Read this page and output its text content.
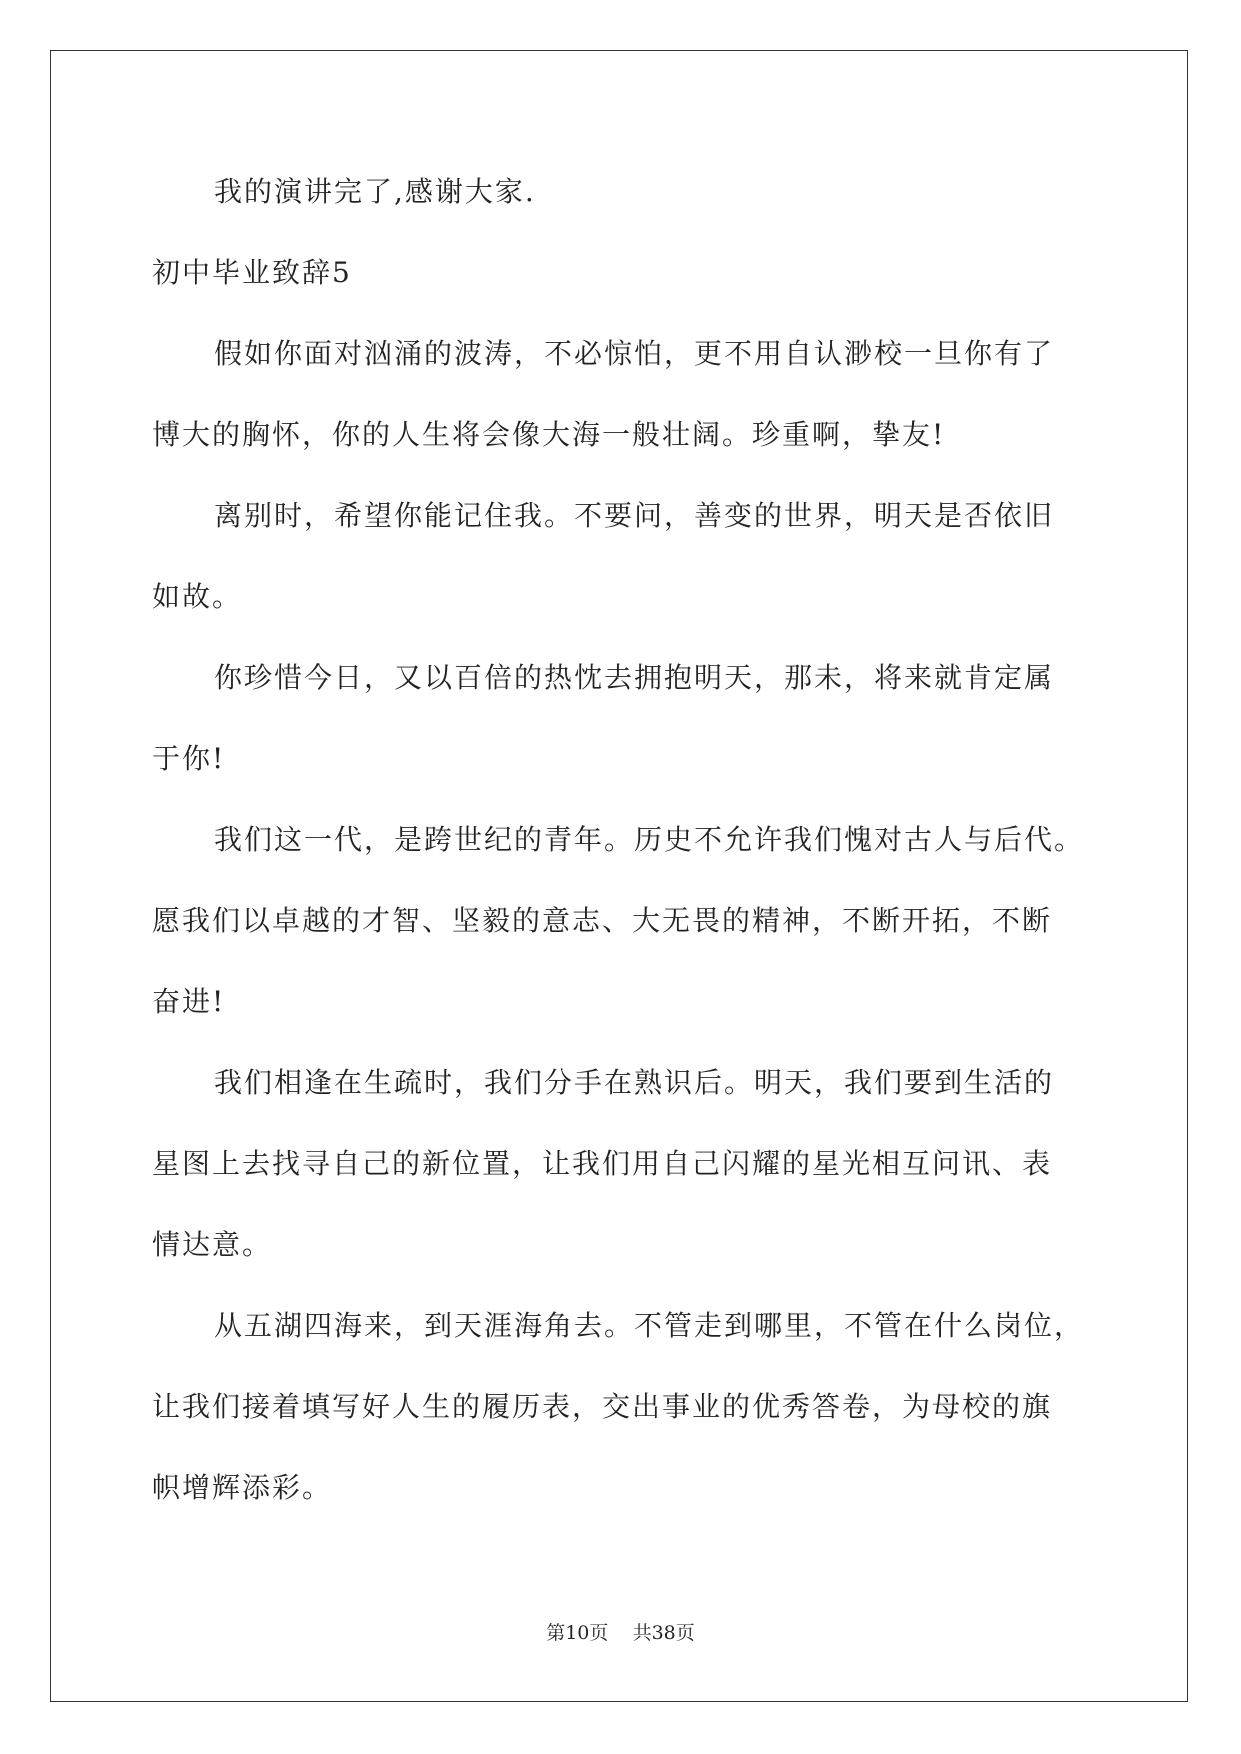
我的演讲完了,感谢大家.
初中毕业致辞5
假如你面对汹涌的波涛，不必惊怕，更不用自认渺校一旦你有了
博大的胸怀，你的人生将会像大海一般壮阔。珍重啊，挚友!
离别时，希望你能记住我。不要问，善变的世界，明天是否依旧
如故。
你珍惜今日，又以百倍的热忱去拥抱明天，那未，将来就肯定属
于你!
我们这一代，是跨世纪的青年。历史不允许我们愧对古人与后代。
愿我们以卓越的才智、坚毅的意志、大无畏的精神，不断开拓，不断
奋进!
我们相逢在生疏时，我们分手在熟识后。明天，我们要到生活的
星图上去找寻自己的新位置，让我们用自己闪耀的星光相互问讯、表
情达意。
从五湖四海来，到天涯海角去。不管走到哪里，不管在什么岗位，
让我们接着填写好人生的履历表，交出事业的优秀答卷，为母校的旗
帜增辉添彩。
第10页 共38页
